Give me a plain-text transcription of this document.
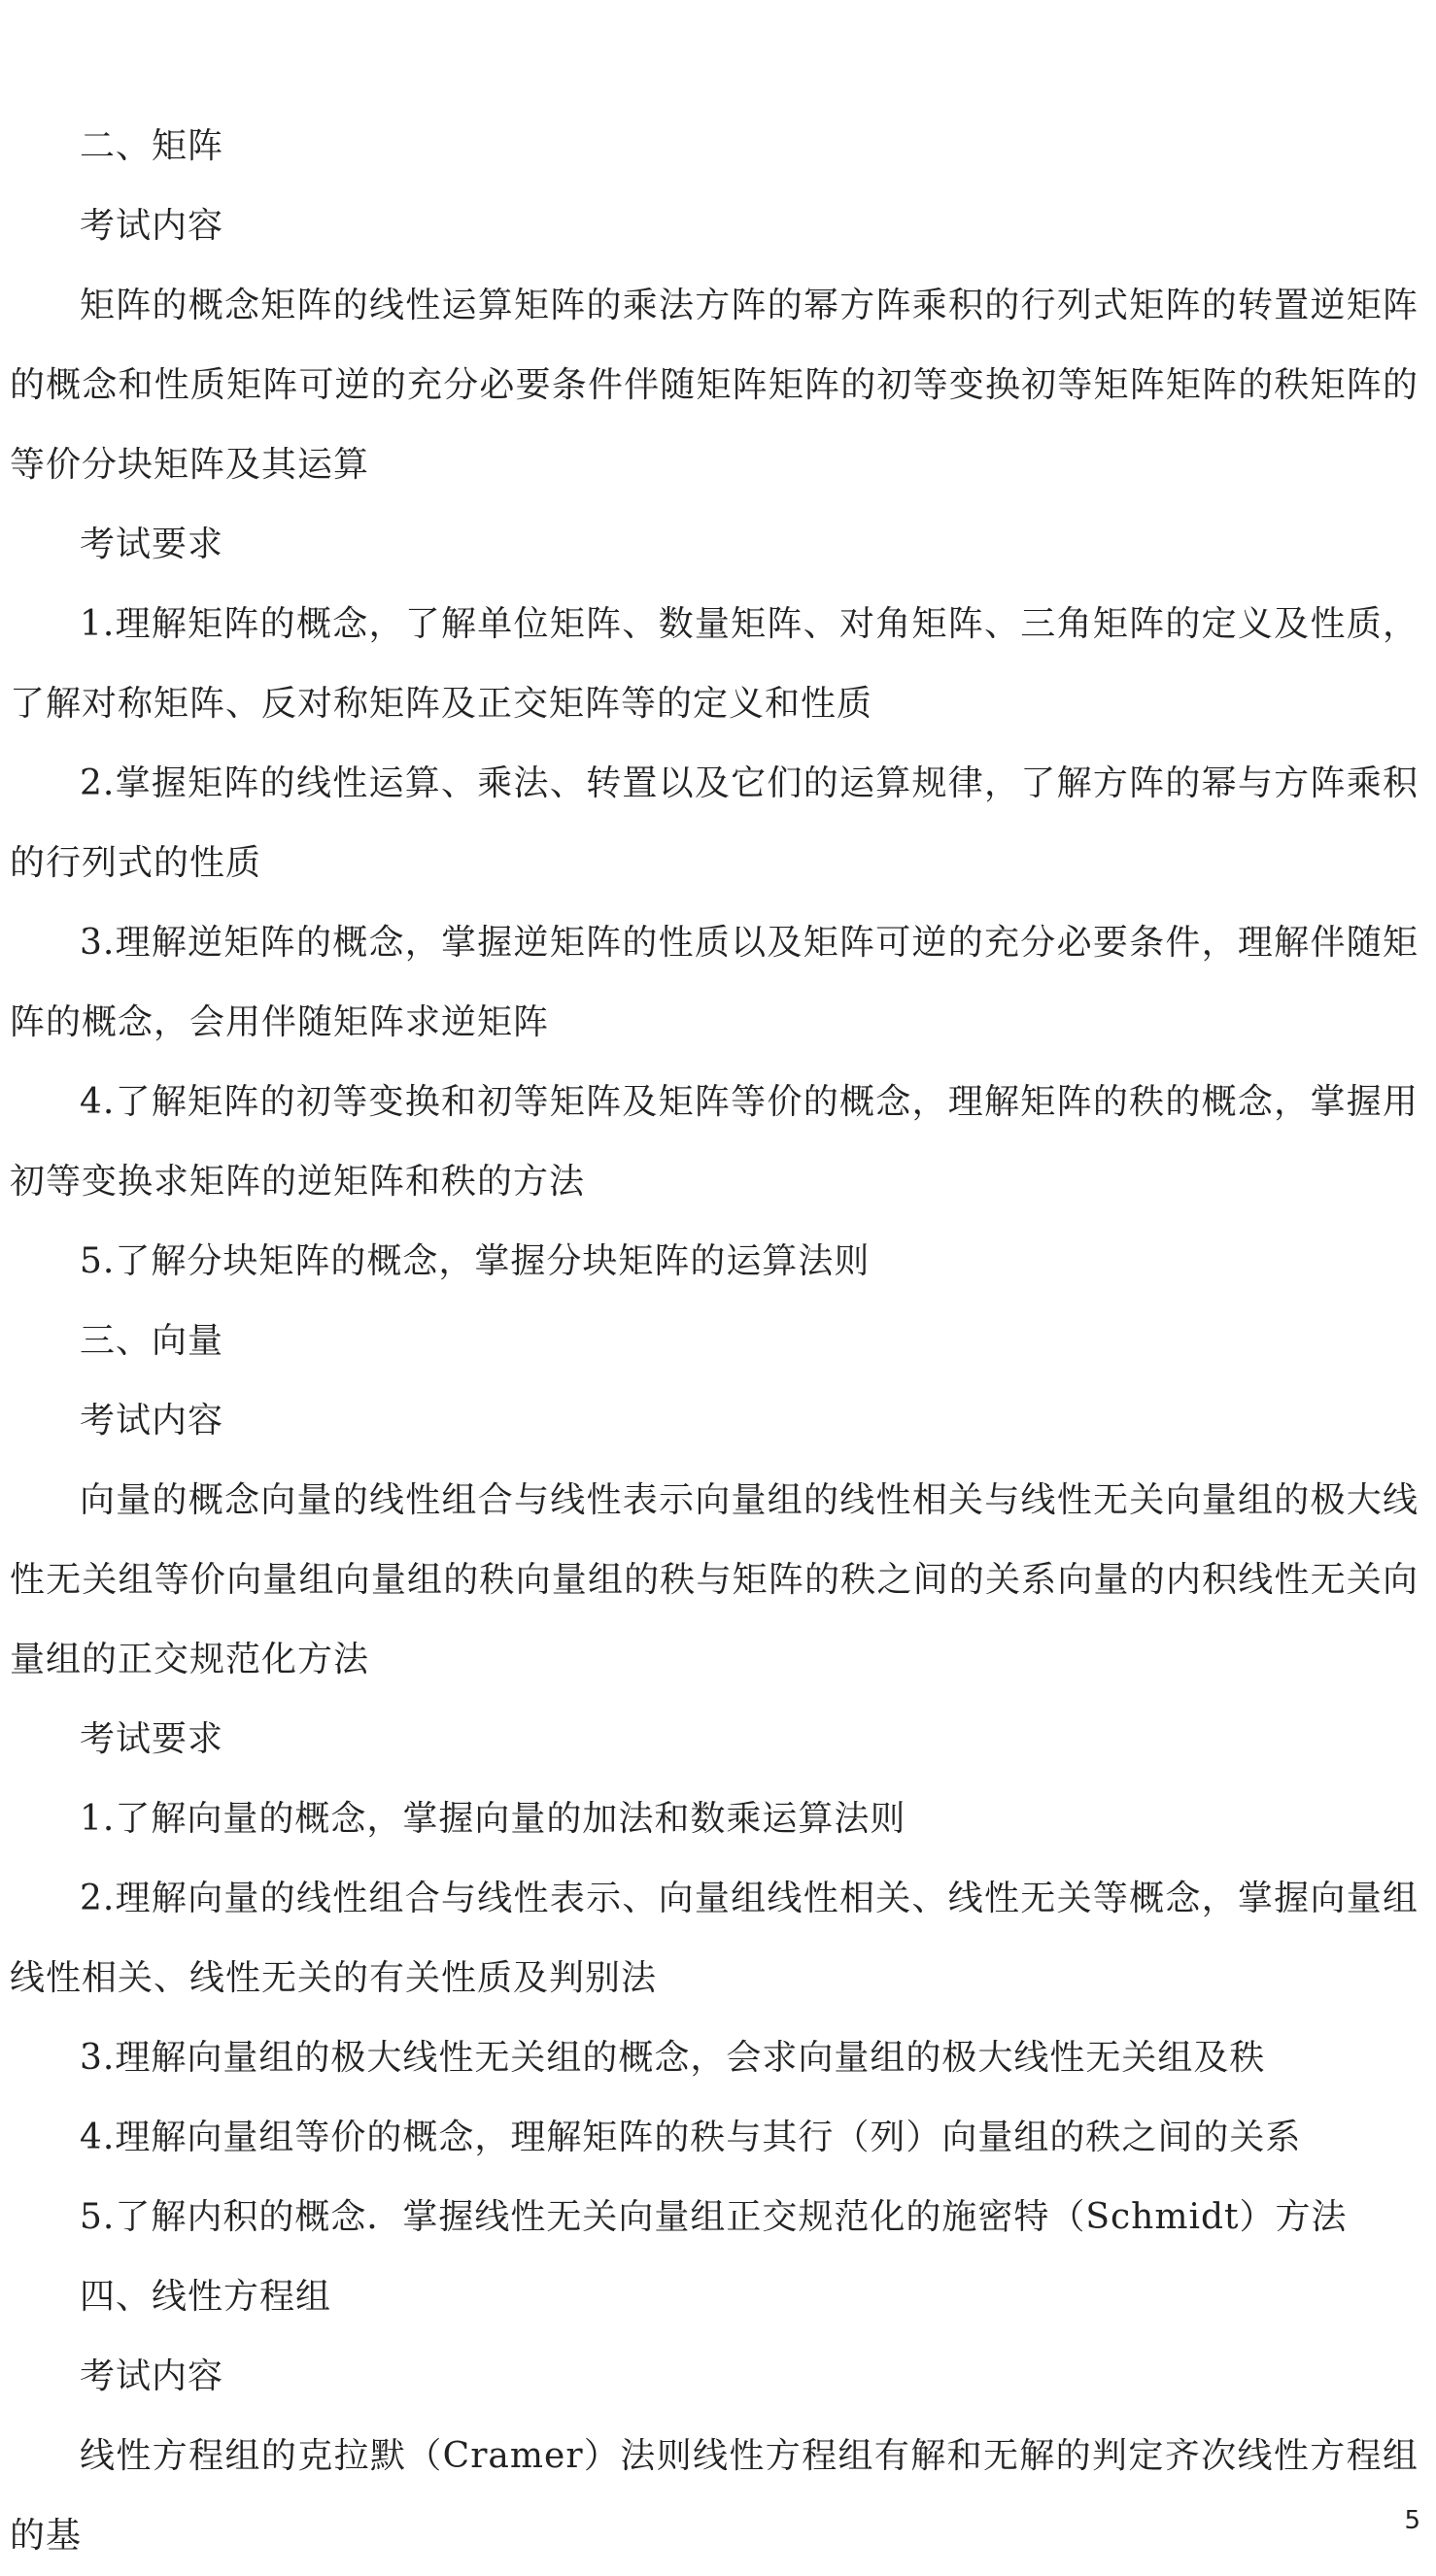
二、矩阵

考试内容

矩阵的概念矩阵的线性运算矩阵的乘法方阵的幂方阵乘积的行列式矩阵的转置逆矩阵的概念和性质矩阵可逆的充分必要条件伴随矩阵矩阵的初等变换初等矩阵矩阵的秩矩阵的等价分块矩阵及其运算

考试要求

1.理解矩阵的概念，了解单位矩阵、数量矩阵、对角矩阵、三角矩阵的定义及性质，了解对称矩阵、反对称矩阵及正交矩阵等的定义和性质

2.掌握矩阵的线性运算、乘法、转置以及它们的运算规律，了解方阵的幂与方阵乘积的行列式的性质

3.理解逆矩阵的概念，掌握逆矩阵的性质以及矩阵可逆的充分必要条件，理解伴随矩阵的概念，会用伴随矩阵求逆矩阵

4.了解矩阵的初等变换和初等矩阵及矩阵等价的概念，理解矩阵的秩的概念，掌握用初等变换求矩阵的逆矩阵和秩的方法

5.了解分块矩阵的概念，掌握分块矩阵的运算法则

三、向量

考试内容

向量的概念向量的线性组合与线性表示向量组的线性相关与线性无关向量组的极大线性无关组等价向量组向量组的秩向量组的秩与矩阵的秩之间的关系向量的内积线性无关向量组的正交规范化方法

考试要求

1.了解向量的概念，掌握向量的加法和数乘运算法则

2.理解向量的线性组合与线性表示、向量组线性相关、线性无关等概念，掌握向量组线性相关、线性无关的有关性质及判别法

3.理解向量组的极大线性无关组的概念，会求向量组的极大线性无关组及秩

4.理解向量组等价的概念，理解矩阵的秩与其行（列）向量组的秩之间的关系

5.了解内积的概念．掌握线性无关向量组正交规范化的施密特（Schmidt）方法

四、线性方程组

考试内容

线性方程组的克拉默（Cramer）法则线性方程组有解和无解的判定齐次线性方程组的基	5
